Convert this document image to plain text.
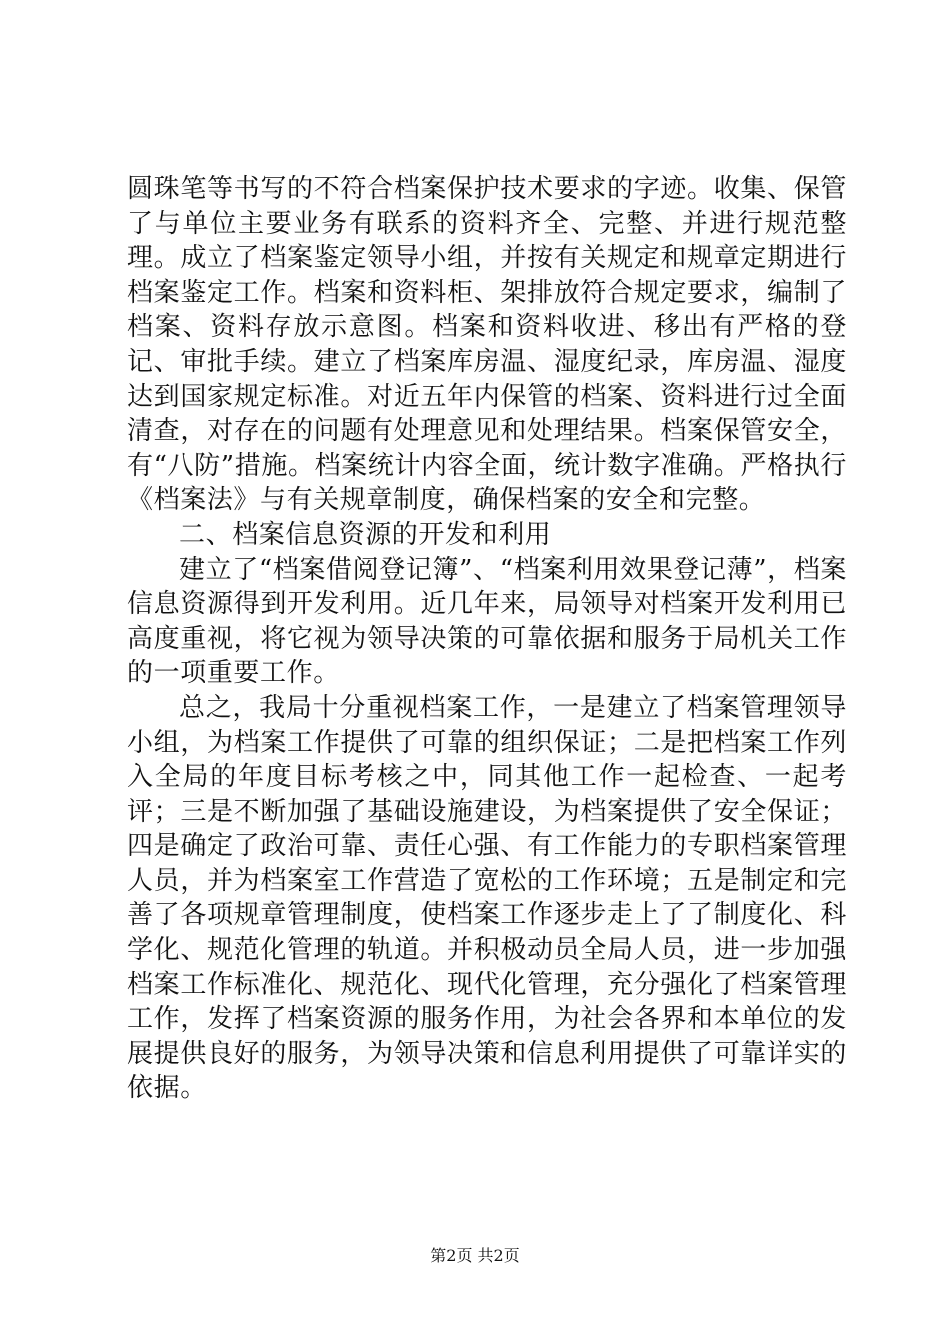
圆珠笔等书写的不符合档案保护技术要求的字迹。收集、保管了与单位主要业务有联系的资料齐全、完整、并进行规范整理。成立了档案鉴定领导小组，并按有关规定和规章定期进行档案鉴定工作。档案和资料柜、架排放符合规定要求，编制了档案、资料存放示意图。档案和资料收进、移出有严格的登记、审批手续。建立了档案库房温、湿度纪录，库房温、湿度达到国家规定标准。对近五年内保管的档案、资料进行过全面清查，对存在的问题有处理意见和处理结果。档案保管安全，有“八防”措施。档案统计内容全面，统计数字准确。严格执行《档案法》与有关规章制度，确保档案的安全和完整。

二、档案信息资源的开发和利用

建立了“档案借阅登记簿”、“档案利用效果登记薄”，档案信息资源得到开发利用。近几年来，局领导对档案开发利用已高度重视，将它视为领导决策的可靠依据和服务于局机关工作的一项重要工作。

总之，我局十分重视档案工作，一是建立了档案管理领导小组，为档案工作提供了可靠的组织保证；二是把档案工作列入全局的年度目标考核之中，同其他工作一起检查、一起考评；三是不断加强了基础设施建设，为档案提供了安全保证；四是确定了政治可靠、责任心强、有工作能力的专职档案管理人员，并为档案室工作营造了宽松的工作环境；五是制定和完善了各项规章管理制度，使档案工作逐步走上了了制度化、科学化、规范化管理的轨道。并积极动员全局人员，进一步加强档案工作标准化、规范化、现代化管理，充分强化了档案管理工作，发挥了档案资源的服务作用，为社会各界和本单位的发展提供良好的服务，为领导决策和信息利用提供了可靠详实的依据。

第2页 共2页
